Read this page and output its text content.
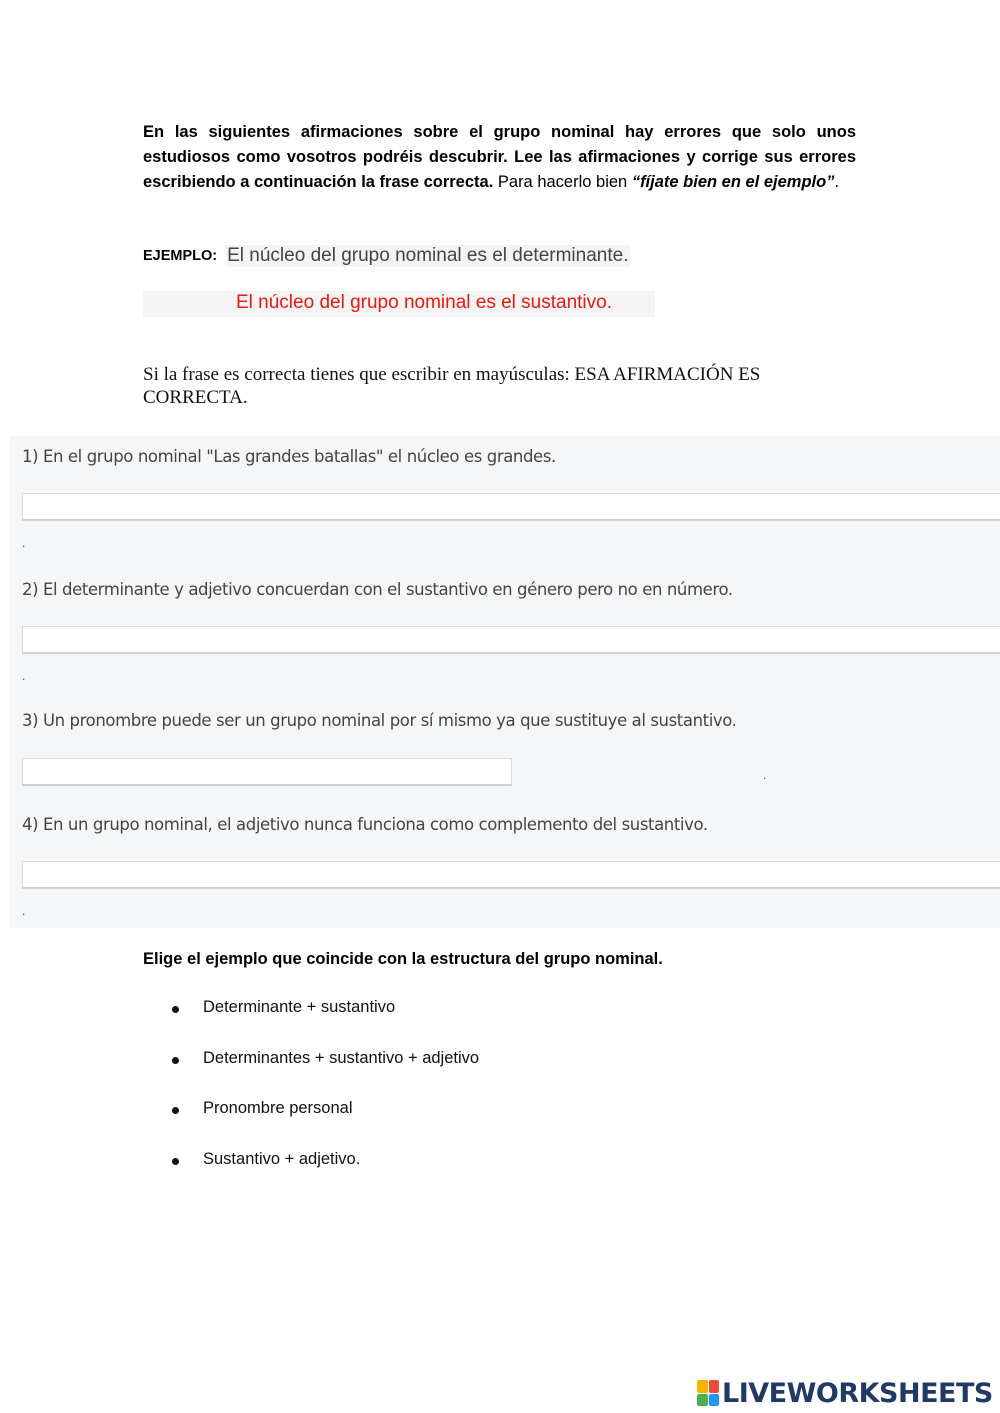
En las siguientes afirmaciones sobre el grupo nominal hay errores que solo unos estudiosos como vosotros podréis descubrir. Lee las afirmaciones y corrige sus errores escribiendo a continuación la frase correcta. Para hacerlo bien “fíjate bien en el ejemplo”.
EJEMPLO: El núcleo del grupo nominal es el determinante.
El núcleo del grupo nominal es el sustantivo.
Si la frase es correcta tienes que escribir en mayúsculas: ESA AFIRMACIÓN ES CORRECTA.
1) En el grupo nominal "Las grandes batallas" el núcleo es grandes.
.
2) El determinante y adjetivo concuerdan con el sustantivo en género pero no en número.
.
3) Un pronombre puede ser un grupo nominal por sí mismo ya que sustituye al sustantivo.
.
4) En un grupo nominal, el adjetivo nunca funciona como complemento del sustantivo.
.
Elige el ejemplo que coincide con la estructura del grupo nominal.
Determinante + sustantivo
Determinantes + sustantivo + adjetivo
Pronombre personal
Sustantivo + adjetivo.
LIVEWORKSHEETS
